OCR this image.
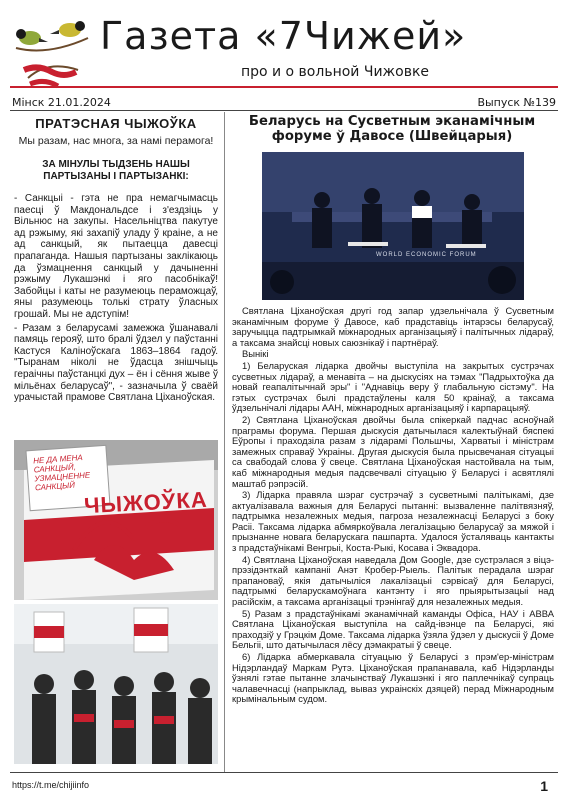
Газета «7Чижей»
про и о вольной Чижовке
Мінск 21.01.2024	Выпуск №139
ПРАТЭСНАЯ ЧЫЖОЎКА
Мы разам, нас многа, за намі перамога!
ЗА МІНУЛЫ ТЫДЗЕНЬ НАШЫ ПАРТЫЗАНЫ І ПАРТЫЗАНКІ:

- Санкцыі - гэта не пра немагчымасць паесці ў Макдональдсе і з'ездзіць у Вільнюс на закупы. Насельніцтва пакутуе ад рэжыму, які захапіў уладу ў краіне, а не ад санкцый, як пытаецца давесці прапаганда. Нашыя партызаны заклікаюць да ўзмацнення санкцый у дачыненні рэжыму Лукашэнкі і яго пасобнікаў! Забойцы і каты не разумеюць пераможцаў, яны разумеюць толькі страту ўласных грошай. Мы не адступім!

- Разам з беларусамі замежжа ўшанавалі памяць герояў, што бралі ўдзел у паўстанні Кастуся Каліноўскага 1863–1864 гадоў. "Тыранам ніколі не ўдасца знішчыць гераічны паўстанцкі дух – ён і сёння жыве ў мільёнах беларусаў", - зазначыла ў сваёй урачыстай прамове Святлана Ціханоўская.

НЕ ДА МЕНА САНКЦЫЙ, УЗМАЦНЕННЕ САНКЦЫЙ
ЧЫЖОЎКА
Беларусь на Сусветным эканамічным форуме ў Давосе (Швейцарыя)
WORLD ECONOMIC FORUM

Святлана Ціханоўская другі год запар удзельнічала ў Сусветным эканамічным форуме ў Давосе, каб прадставіць інтарэсы беларусаў, заручыцца падтрымкай міжнародных арганізацыяў і палітычных лідараў, а таксама знайсці новых саюзнікаў і партнёраў.

Вынікі

1) Беларуская лідарка двойчы выступіла на закрытых сустрэчах сусветных лідараў, а менавіта – на дыскусіях на тэмах "Падрыхтоўка да новай геапалітычнай эры" і "Аднавіць веру ў глабальную сістэму". На гэтых сустрэчах былі прадстаўлены каля 50 краінаў, а таксама ўдзельнічалі лідары ААН, міжнародных арганізацыяў і карпарацыяў.

2) Святлана Ціханоўская двойчы была спікеркай падчас асноўнай праграмы форума. Першая дыскусія датычылася калектыўнай бяспекі Еўропы і праходзіла разам з лідарамі Польшчы, Харватыі і міністрам замежных справаў Украіны. Другая дыскусія была прысвечаная сітуацыі са свабодай слова ў свеце. Святлана Ціханоўская настойвала на тым, каб міжнародныя медыя падсвечвалі сітуацыю ў Беларусі і асвятлялі маштаб рэпрэсій.

3) Лідарка правяла шэраг сустрэчаў з сусветнымі палітыкамі, дзе актуалізавала важныя для Беларусі пытанні: вызваленне палітвязняў, падтрымка незалежных медыя, пагроза незалежнасці Беларусі з боку Расіі. Таксама лідарка абмяркоўвала легалізацыю беларусаў за мяжой і прызнанне новага беларускага пашпарта. Удалося ўсталяваць кантакты з прадстаўнікамі Венгрыі, Коста-Рыкі, Косава і Эквадора.

4) Святлана Ціханоўская наведала Дом Google, дзе сустрэлася з віцэ-прэзідэнткай кампаніі Анэт Кробер-Рыель. Палітык перадала шэраг прапановаў, якія датычыліся лакалізацыі сэрвісаў для Беларусі, падтрымкі беларускамоўнага кантэнту і яго прыярытызацыі над расійскім, а таксама арганізацыі трэнінгаў для незалежных медыя.

5) Разам з прадстаўнікамі эканамічнай каманды Офіса, НАУ і АВВА Святлана Ціханоўская выступіла на сайд-івэнце па Беларусі, які праходзіў у Грэцкім Доме. Таксама лідарка ўзяла ўдзел у дыскусіі ў Доме Бельгіі, што датычылася лёсу дэмакратыі ў свеце.

6) Лідарка абмеркавала сітуацыю ў Беларусі з прэм'ер-міністрам Нідэрландаў Маркам Рутэ. Ціханоўская прапанавала, каб Нідэрланды ўзнялі гэтае пытанне злачынстваў Лукашэнкі і яго паплечнікаў супраць чалавечнасці (напрыклад, вываз украінскіх дзяцей) перад Міжнародным крымінальным судом.

https://t.me/chijiinfo	1
